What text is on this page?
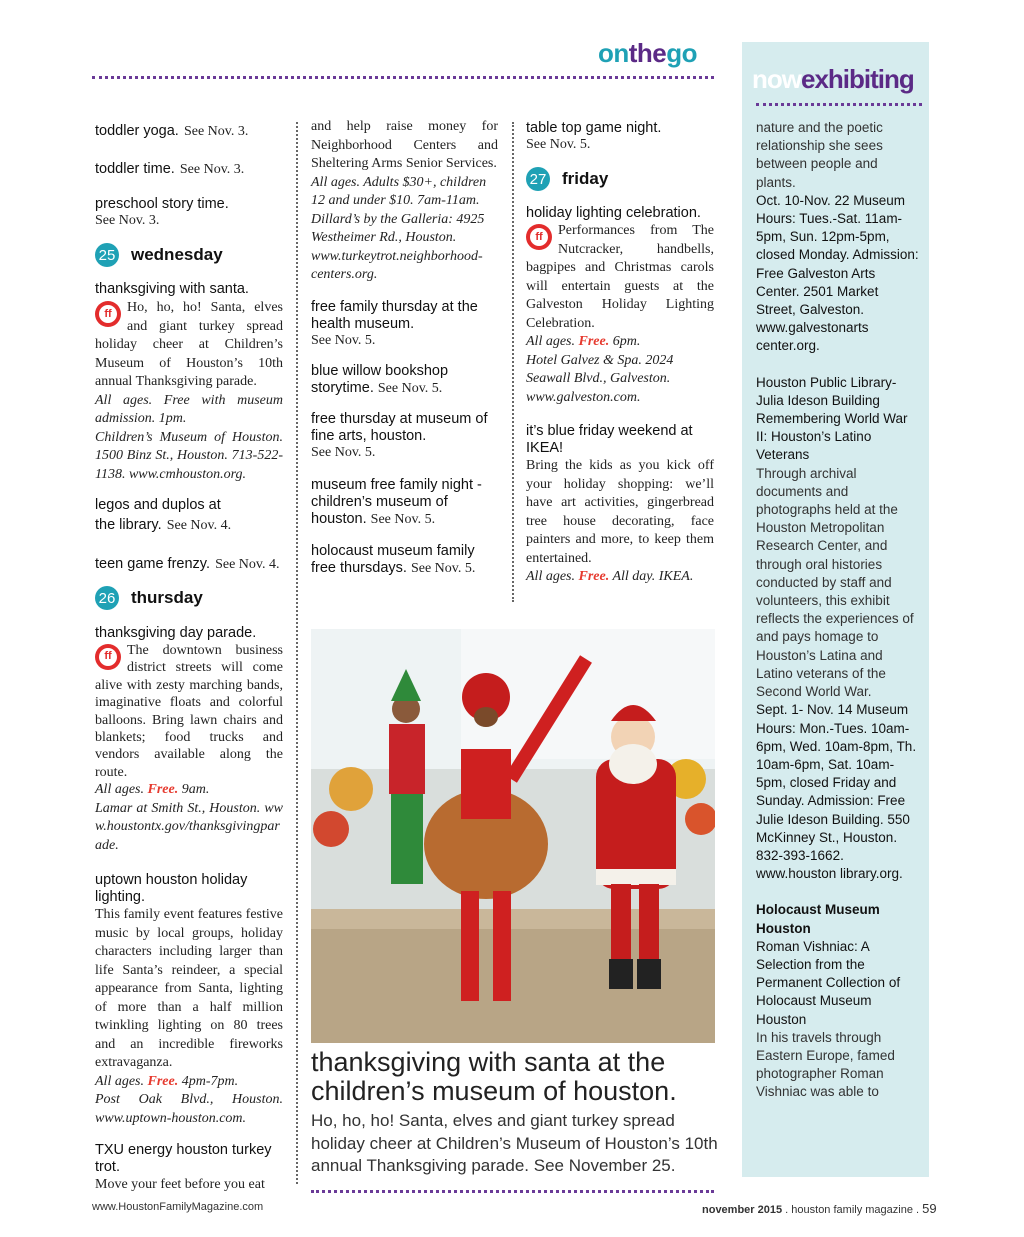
onthego
toddler yoga. See Nov. 3.
toddler time. See Nov. 3.
preschool story time.
See Nov. 3.
25 wednesday
thanksgiving with santa.
ff	Ho, ho, ho! Santa, elves and giant turkey spread holiday cheer at Children’s Museum of Houston’s 10th annual Thanksgiving parade.
All ages. Free with museum admission. 1pm.
Children’s Museum of Houston. 1500 Binz St., Houston. 713-522-1138. www.cmhouston.org.
legos and duplos at
the library. See Nov. 4.
teen game frenzy. See Nov. 4.
26 thursday
thanksgiving day parade.
ff	The downtown business district streets will come alive with zesty marching bands, imaginative floats and colorful balloons. Bring lawn chairs and blankets; food trucks and vendors available along the route.
All ages. Free. 9am.
Lamar at Smith St., Houston. www.houstontx.gov/thanksgivingparade.
uptown houston holiday lighting.
This family event features festive music by local groups, holiday characters including larger than life Santa’s reindeer, a special appearance from Santa, lighting of more than a half million twinkling lighting on 80 trees and an incredible fireworks extravaganza.
All ages. Free. 4pm-7pm.
Post Oak Blvd., Houston. www.uptown-houston.com.
TXU energy houston turkey trot.
Move your feet before you eat
and help raise money for Neighborhood Centers and Sheltering Arms Senior Services.
All ages. Adults $30+, children 12 and under $10. 7am-11am. Dillard’s by the Galleria: 4925 Westheimer Rd., Houston. www.turkeytrot.neighborhood-centers.org.
free family thursday at the health museum.
See Nov. 5.
blue willow bookshop storytime. See Nov. 5.
free thursday at museum of fine arts, houston.
See Nov. 5.
museum free family night - children’s museum of houston. See Nov. 5.
holocaust museum family free thursdays. See Nov. 5.
table top game night.
See Nov. 5.
27 friday
holiday lighting celebration.
ff	Performances from The Nutcracker, handbells, bagpipes and Christmas carols will entertain guests at the Galveston Holiday Lighting Celebration.
All ages. Free. 6pm.
Hotel Galvez & Spa. 2024 Seawall Blvd., Galveston. www.galveston.com.
it’s blue friday weekend at IKEA!
Bring the kids as you kick off your holiday shopping: we’ll have art activities, gingerbread tree house decorating, face painters and more, to keep them entertained.
All ages. Free. All day. IKEA.
thanksgiving with santa at the children’s museum of houston.
Ho, ho, ho! Santa, elves and giant turkey spread holiday cheer at Children’s Museum of Houston’s 10th annual Thanksgiving parade. See November 25.
nowexhibiting
nature and the poetic relationship she sees between people and plants.
Oct. 10-Nov. 22 Museum Hours: Tues.-Sat. 11am-5pm, Sun. 12pm-5pm, closed Monday. Admission: Free Galveston Arts Center. 2501 Market Street, Galveston. www.galvestonarts center.org.
Houston Public Library-Julia Ideson Building Remembering World War II: Houston’s Latino Veterans
Through archival documents and photographs held at the Houston Metropolitan Research Center, and through oral histories conducted by staff and volunteers, this exhibit reflects the experiences of and pays homage to Houston’s Latina and Latino veterans of the Second World War.
Sept. 1- Nov. 14 Museum Hours: Mon.-Tues. 10am-6pm, Wed. 10am-8pm, Th. 10am-6pm, Sat. 10am-5pm, closed Friday and Sunday. Admission: Free Julie Ideson Building. 550 McKinney St., Houston. 832-393-1662. www.houston library.org.
Holocaust Museum Houston
Roman Vishniac: A Selection from the Permanent Collection of Holocaust Museum Houston
In his travels through Eastern Europe, famed photographer Roman Vishniac was able to
www.HoustonFamilyMagazine.com	november 2015 . houston family magazine . 59
